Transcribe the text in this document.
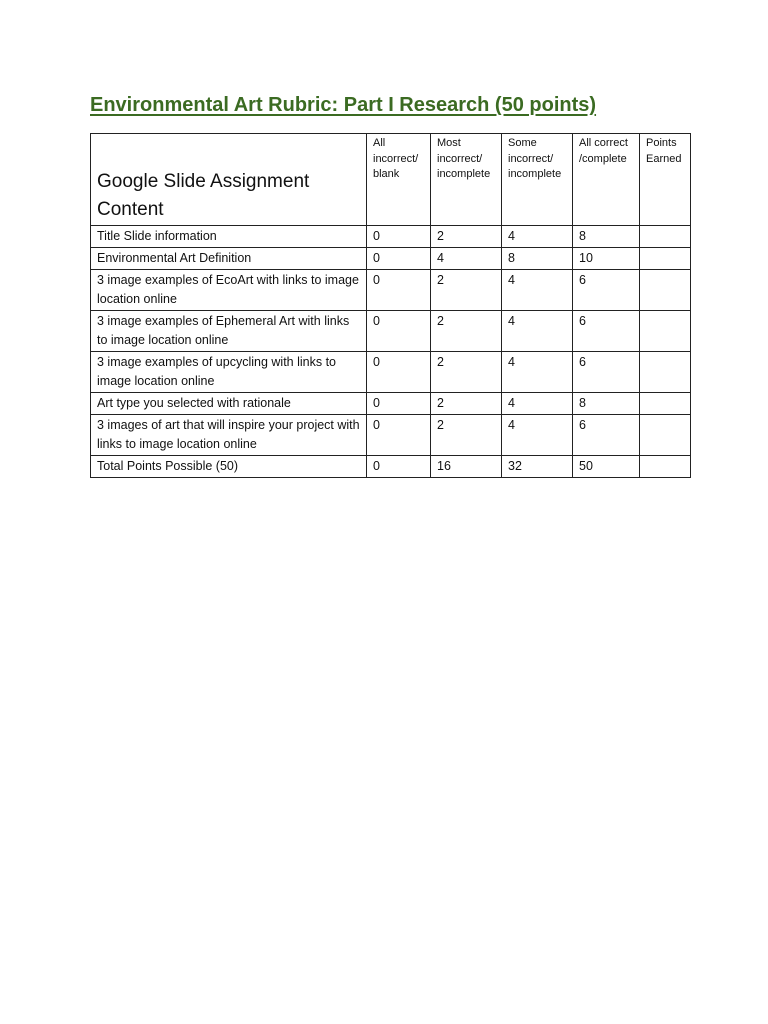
Environmental Art Rubric: Part I Research (50 points)
Google Slide Assignment Content	All incorrect/ blank	Most incorrect/ incomplete	Some incorrect/ incomplete	All correct /complete	Points Earned
Title Slide information	0	2	4	8	
Environmental Art Definition	0	4	8	10	
3 image examples of EcoArt with links to image location online	0	2	4	6	
3 image examples of Ephemeral Art with links to image location online	0	2	4	6	
3 image examples of upcycling with links to image location online	0	2	4	6	
Art type you selected with rationale	0	2	4	8	
3 images of art that will inspire your project with links to image location online	0	2	4	6	
Total Points Possible (50)	0	16	32	50	
